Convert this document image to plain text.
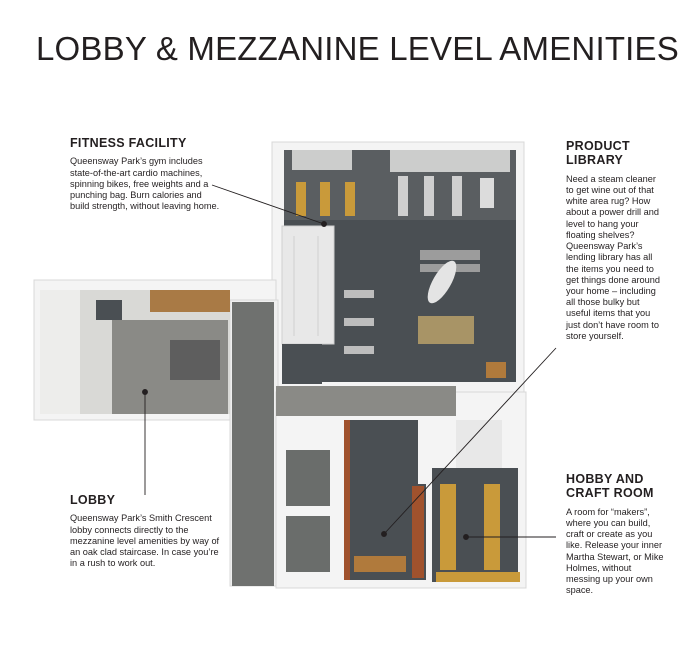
LOBBY & MEZZANINE LEVEL AMENITIES
FITNESS FACILITY

Queensway Park’s gym includes state-of-the-art cardio machines, spinning bikes, free weights and a punching bag. Burn calories and build strength, without leaving home.

PRODUCT LIBRARY

Need a steam cleaner to get wine out of that white area rug? How about a power drill and level to hang your floating shelves? Queensway Park’s lending library has all the items you need to get things done around your home – including all those bulky but useful items that you just don’t have room to store yourself.

LOBBY

Queensway Park’s Smith Crescent lobby connects directly to the mezzanine level amenities by way of an oak clad staircase. In case you’re in a rush to work out.

HOBBY AND CRAFT ROOM

A room for “makers”, where you can build, craft or create as you like. Release your inner Martha Stewart, or Mike Holmes, without messing up your own space.
